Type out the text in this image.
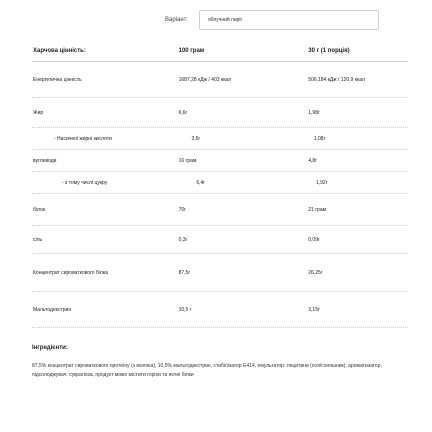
Варіант:	яблучний пиріг
Харчова цінність:	100 грам	30 г (1 порція)
Енергетична цінність	1687,28 кДж / 403 ккал	506,184 кДж / 120,9 ккал
Жир	6,6г	1,98г
- Насичені жирні кислоти	3,6г	1,08г
вуглеводи	16 грам	4,8г
- з тому числі цукру	6,4г	1,92г
білок	70г	21 грам
сіль	0,3г	0,09г
Концентрат сироваткового білка	87,5г	26,25г
Мальтодекстрин	10,5 г	3,15г
Інгредієнти:
87,5% концентрат сироваткового протеїну (з молока), 10,5% мальтодекстрин, стабілізатор E414, емульгатор: лецитини (соя/соняшник), ароматизатор, підсолоджувач: сукралоза, продукт може містити горіхи та яєчні білки
